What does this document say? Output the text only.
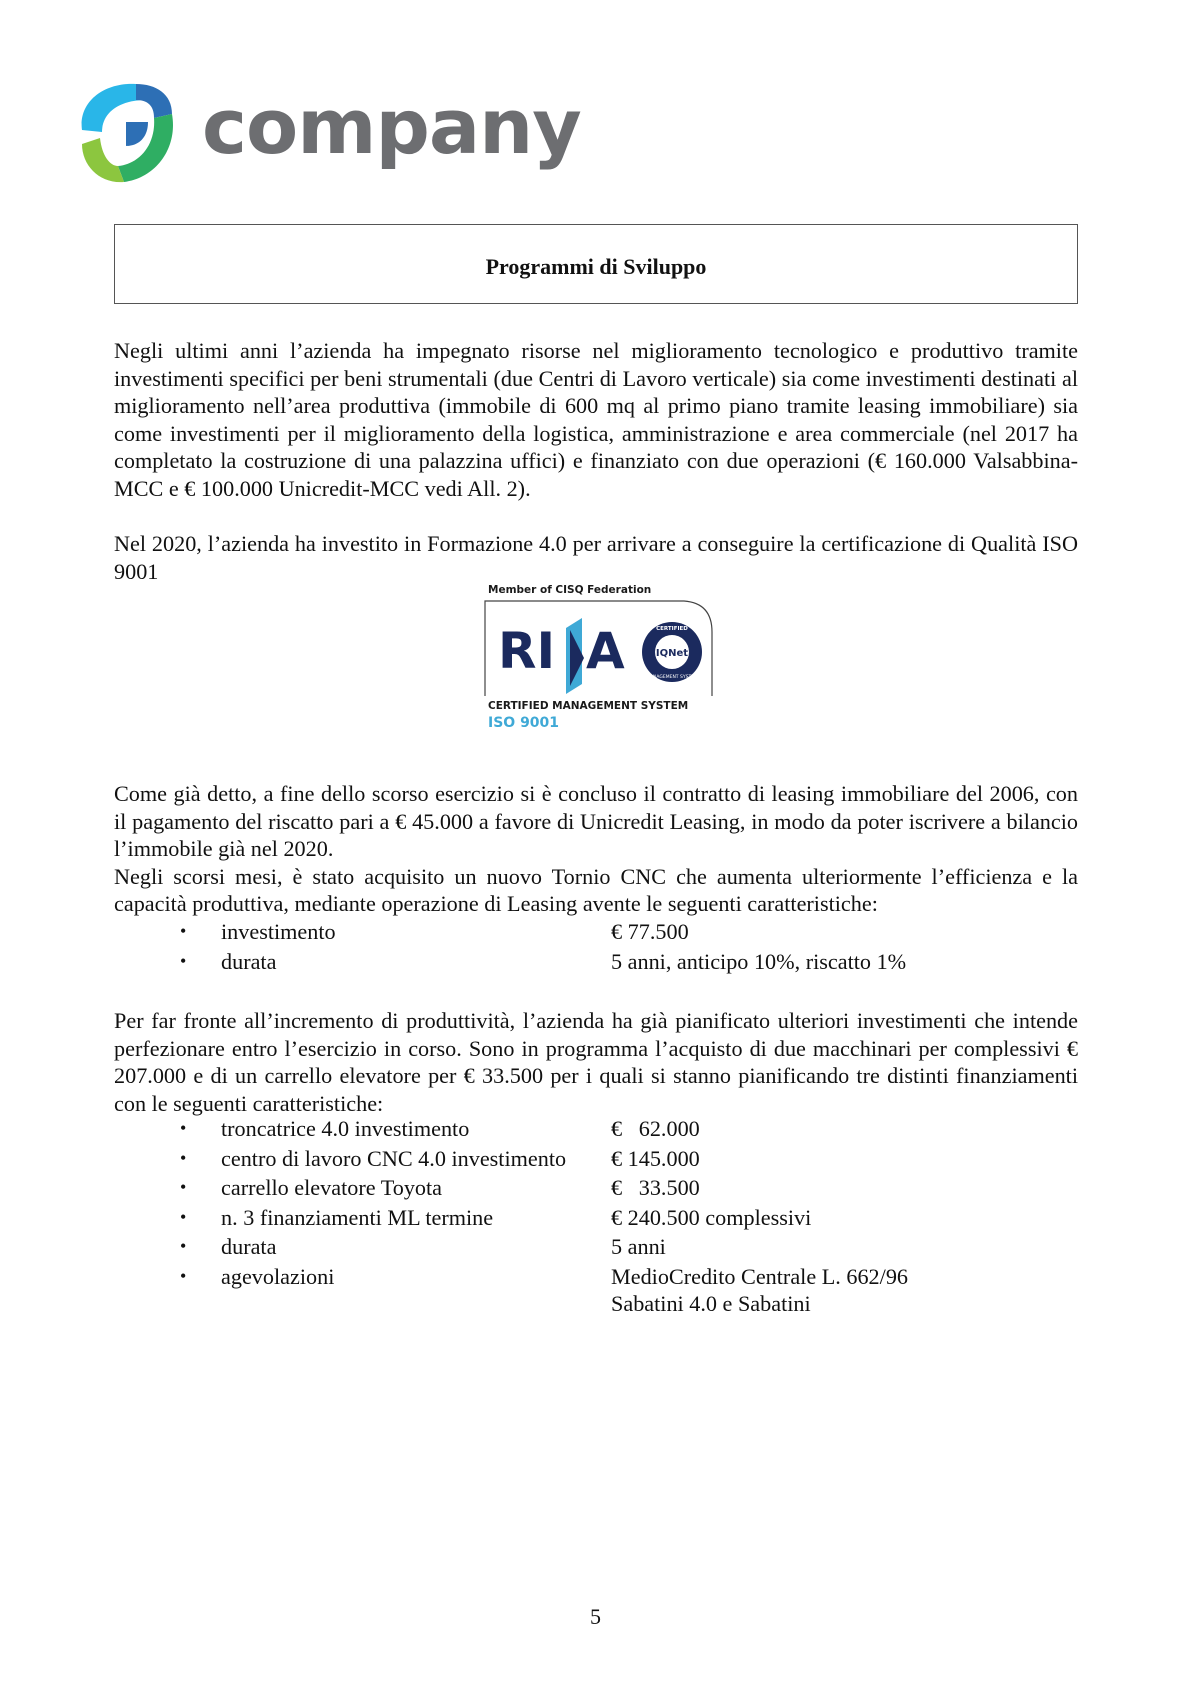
company
Programmi di Sviluppo
Negli ultimi anni l’azienda ha impegnato risorse nel miglioramento tecnologico e produttivo tramite investimenti specifici per beni strumentali (due Centri di Lavoro verticale) sia come investimenti destinati al miglioramento nell’area produttiva (immobile di 600 mq al primo piano tramite leasing immobiliare) sia come investimenti per il miglioramento della logistica, amministrazione e area commerciale (nel 2017 ha completato la costruzione di una palazzina uffici) e finanziato con due operazioni (€ 160.000 Valsabbina-MCC e € 100.000 Unicredit-MCC vedi All. 2).
Nel 2020, l’azienda ha investito in Formazione 4.0 per arrivare a conseguire la certificazione di Qualità ISO 9001
Member of CISQ Federation
RI A	CERTIFIED
IQNet
MANAGEMENT SYSTEM
CERTIFIED MANAGEMENT SYSTEM
ISO 9001
Come già detto, a fine dello scorso esercizio si è concluso il contratto di leasing immobiliare del 2006, con il pagamento del riscatto pari a € 45.000 a favore di Unicredit Leasing, in modo da poter iscrivere a bilancio l’immobile già nel 2020.
Negli scorsi mesi, è stato acquisito un nuovo Tornio CNC che aumenta ulteriormente l’efficienza e la capacità produttiva, mediante operazione di Leasing avente le seguenti caratteristiche:
• investimento	€ 77.500
• durata	5 anni, anticipo 10%, riscatto 1%
Per far fronte all’incremento di produttività, l’azienda ha già pianificato ulteriori investimenti che intende perfezionare entro l’esercizio in corso. Sono in programma l’acquisto di due macchinari per complessivi € 207.000 e di un carrello elevatore per € 33.500 per i quali si stanno pianificando tre distinti finanziamenti con le seguenti caratteristiche:
• troncatrice 4.0 investimento	€   62.000
• centro di lavoro CNC 4.0 investimento € 145.000
• carrello elevatore Toyota	€   33.500
• n. 3 finanziamenti ML termine	€ 240.500 complessivi
• durata	5 anni
• agevolazioni	MedioCredito Centrale L. 662/96
Sabatini 4.0 e Sabatini
5
